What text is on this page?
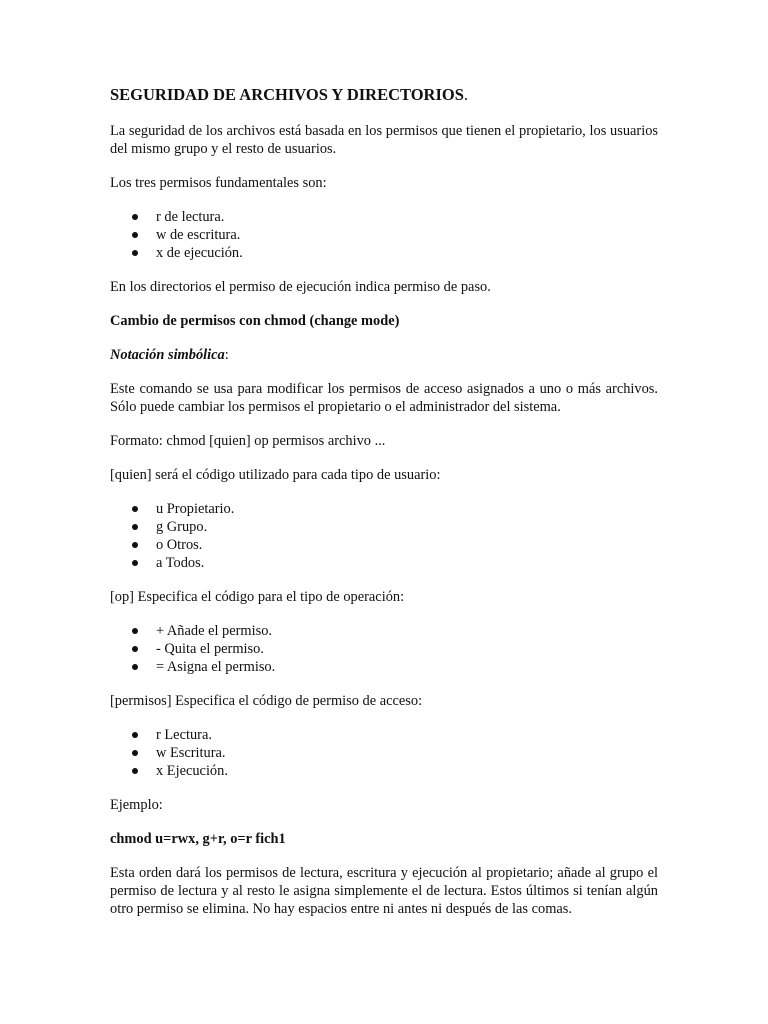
SEGURIDAD DE ARCHIVOS Y DIRECTORIOS.

La seguridad de los archivos está basada en los permisos que tienen el propietario, los usuarios del mismo grupo y el resto de usuarios.

Los tres permisos fundamentales son:

r de lectura.
w de escritura.
x de ejecución.

En los directorios el permiso de ejecución indica permiso de paso.

Cambio de permisos con chmod (change mode)

Notación simbólica:

Este comando se usa para modificar los permisos de acceso asignados a uno o más archivos. Sólo puede cambiar los permisos el propietario o el administrador del sistema.

Formato: chmod [quien] op permisos archivo ...

[quien] será el código utilizado para cada tipo de usuario:

u Propietario.
g Grupo.
o Otros.
a Todos.

[op] Especifica el código para el tipo de operación:

+ Añade el permiso.
- Quita el permiso.
= Asigna el permiso.

[permisos] Especifica el código de permiso de acceso:

r Lectura.
w Escritura.
x Ejecución.

Ejemplo:

chmod u=rwx, g+r, o=r fich1

Esta orden dará los permisos de lectura, escritura y ejecución al propietario; añade al grupo el permiso de lectura y al resto le asigna simplemente el de lectura. Estos últimos si tenían algún otro permiso se elimina. No hay espacios entre ni antes ni después de las comas.
